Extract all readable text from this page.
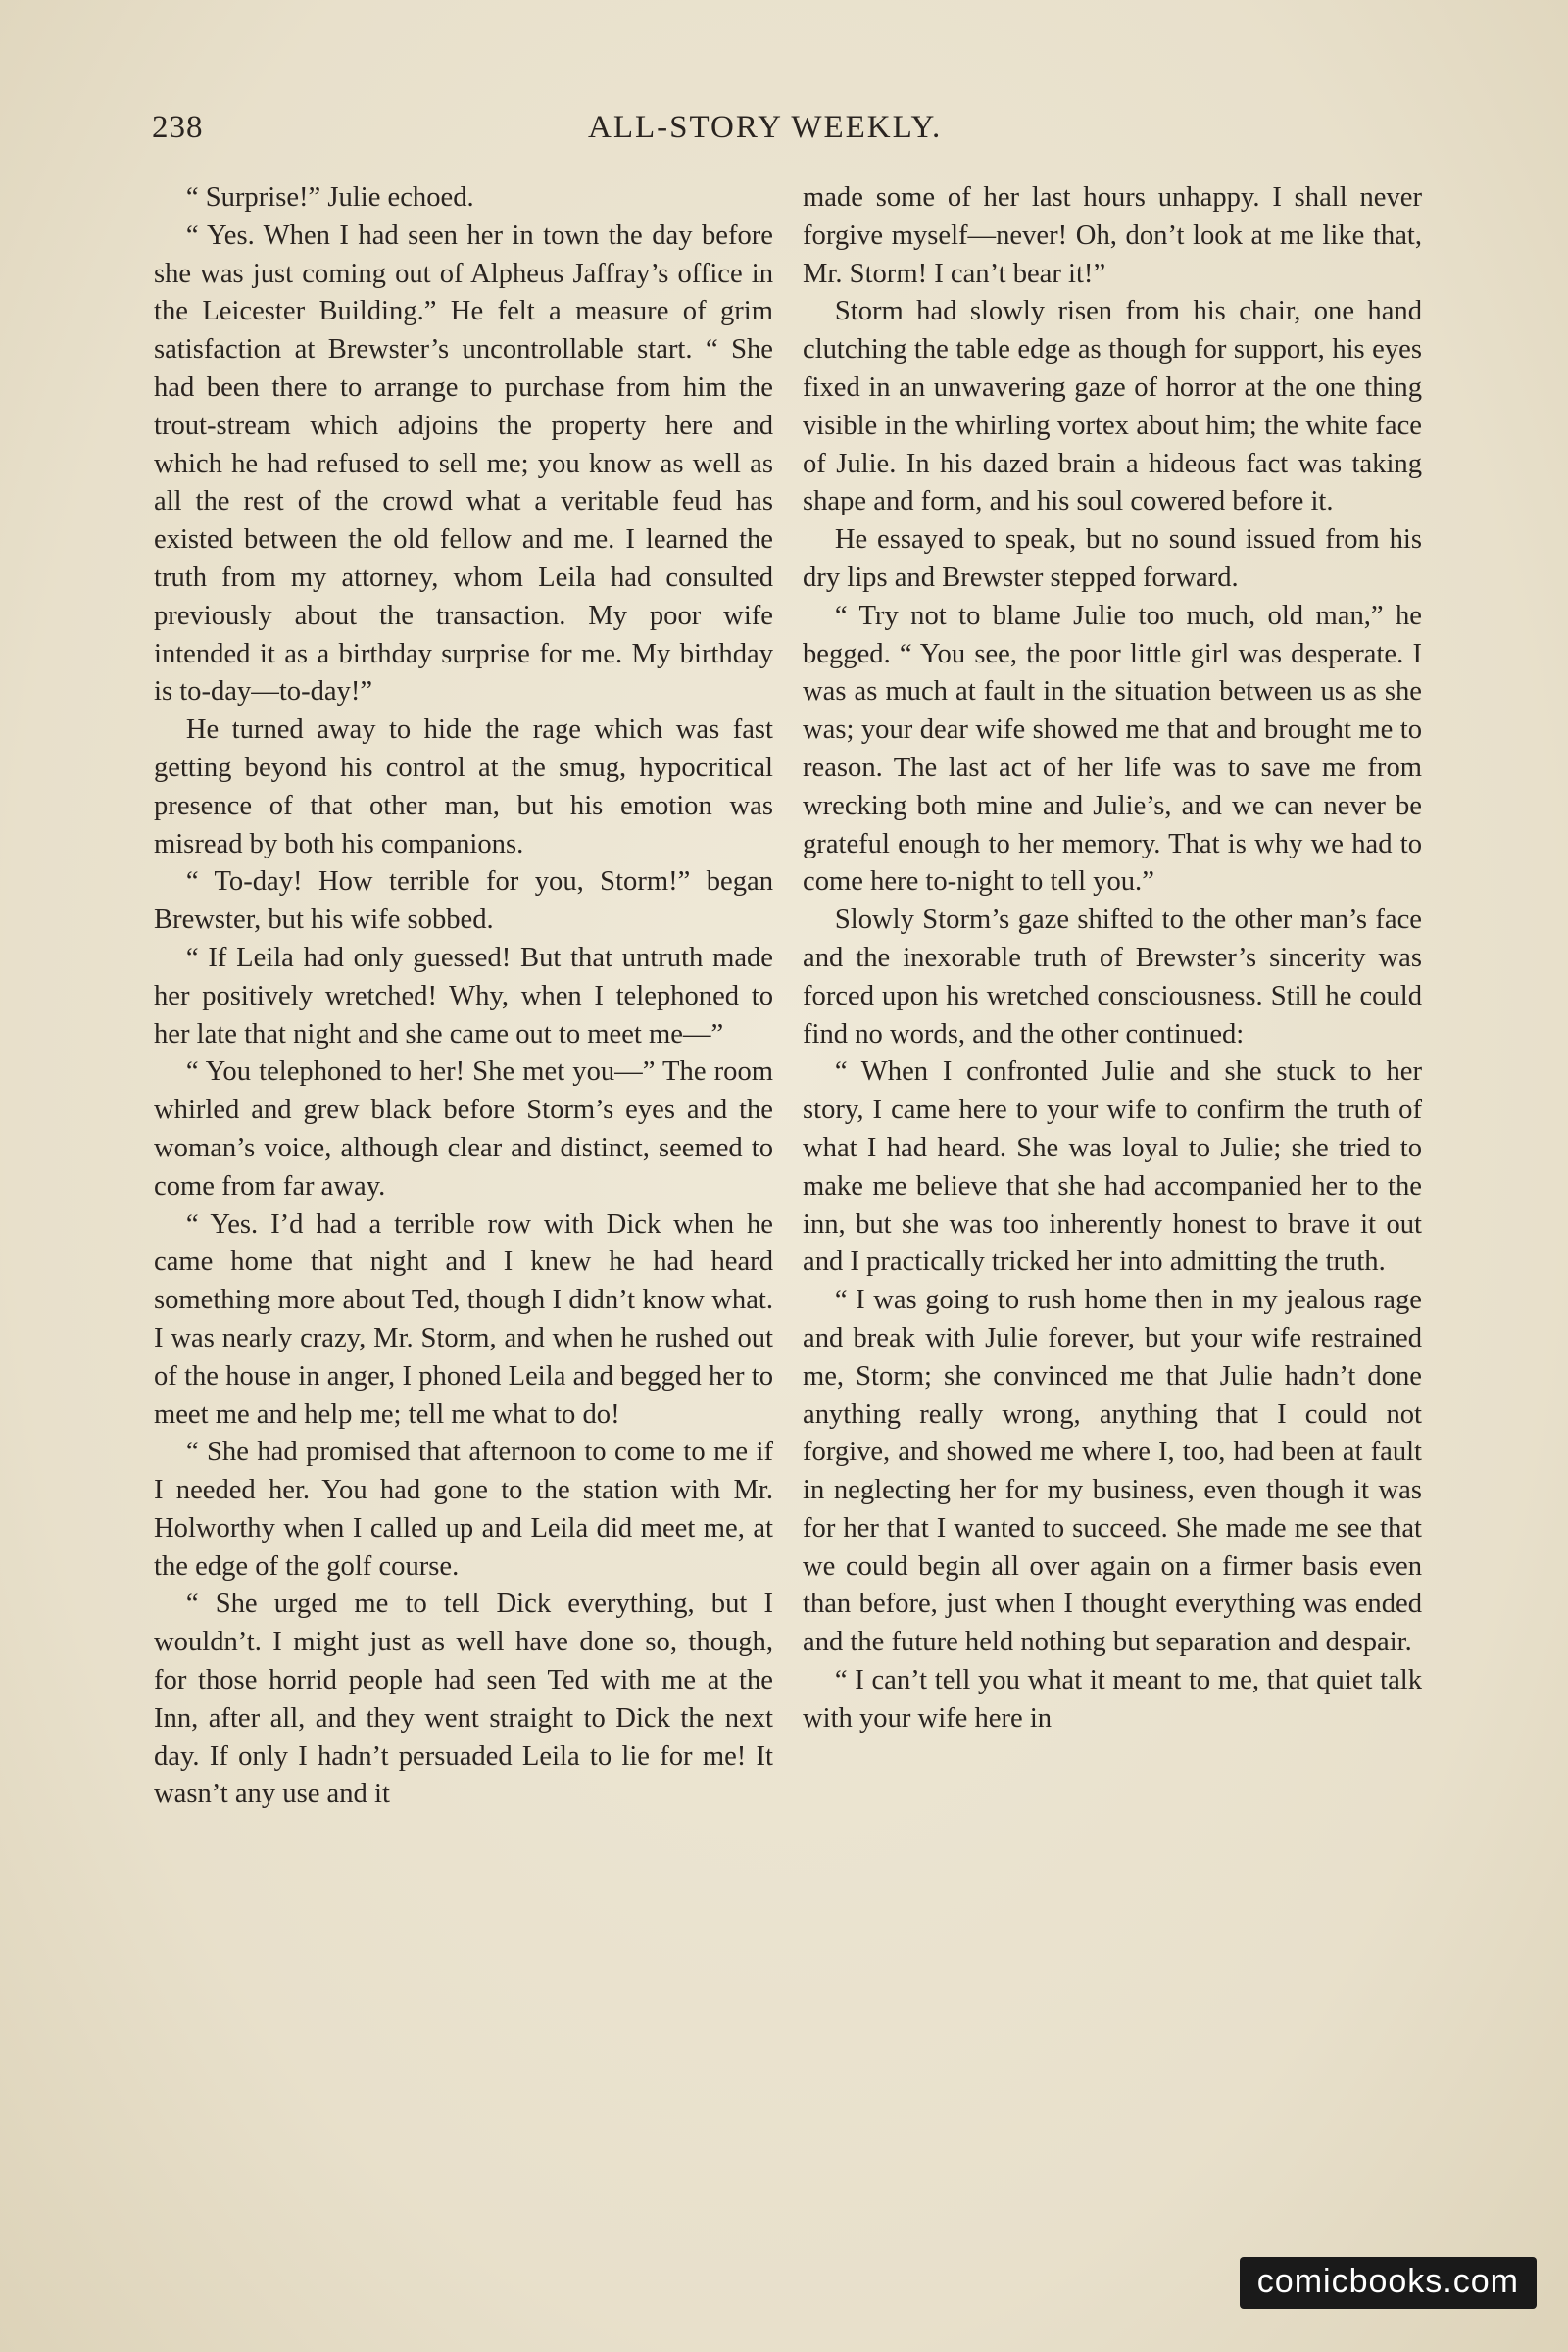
238	ALL-STORY WEEKLY.

“ Surprise!” Julie echoed.

“ Yes. When I had seen her in town the day before she was just coming out of Alpheus Jaffray’s office in the Leicester Building.” He felt a measure of grim satisfaction at Brewster’s uncontrollable start. “ She had been there to arrange to purchase from him the trout-stream which adjoins the property here and which he had refused to sell me; you know as well as all the rest of the crowd what a veritable feud has existed between the old fellow and me. I learned the truth from my attorney, whom Leila had consulted previously about the transaction. My poor wife intended it as a birthday surprise for me. My birthday is to-day—to-day!”

He turned away to hide the rage which was fast getting beyond his control at the smug, hypocritical presence of that other man, but his emotion was misread by both his companions.

“ To-day! How terrible for you, Storm!” began Brewster, but his wife sobbed.

“ If Leila had only guessed! But that untruth made her positively wretched! Why, when I telephoned to her late that night and she came out to meet me—”

“ You telephoned to her! She met you—” The room whirled and grew black before Storm’s eyes and the woman’s voice, although clear and distinct, seemed to come from far away.

“ Yes. I’d had a terrible row with Dick when he came home that night and I knew he had heard something more about Ted, though I didn’t know what. I was nearly crazy, Mr. Storm, and when he rushed out of the house in anger, I phoned Leila and begged her to meet me and help me; tell me what to do!

“ She had promised that afternoon to come to me if I needed her. You had gone to the station with Mr. Holworthy when I called up and Leila did meet me, at the edge of the golf course.

“ She urged me to tell Dick everything, but I wouldn’t. I might just as well have done so, though, for those horrid people had seen Ted with me at the Inn, after all, and they went straight to Dick the next day. If only I hadn’t persuaded Leila to lie for me! It wasn’t any use and it

made some of her last hours unhappy. I shall never forgive myself—never! Oh, don’t look at me like that, Mr. Storm! I can’t bear it!”

Storm had slowly risen from his chair, one hand clutching the table edge as though for support, his eyes fixed in an unwavering gaze of horror at the one thing visible in the whirling vortex about him; the white face of Julie. In his dazed brain a hideous fact was taking shape and form, and his soul cowered before it.

He essayed to speak, but no sound issued from his dry lips and Brewster stepped forward.

“ Try not to blame Julie too much, old man,” he begged. “ You see, the poor little girl was desperate. I was as much at fault in the situation between us as she was; your dear wife showed me that and brought me to reason. The last act of her life was to save me from wrecking both mine and Julie’s, and we can never be grateful enough to her memory. That is why we had to come here to-night to tell you.”

Slowly Storm’s gaze shifted to the other man’s face and the inexorable truth of Brewster’s sincerity was forced upon his wretched consciousness. Still he could find no words, and the other continued:

“ When I confronted Julie and she stuck to her story, I came here to your wife to confirm the truth of what I had heard. She was loyal to Julie; she tried to make me believe that she had accompanied her to the inn, but she was too inherently honest to brave it out and I practically tricked her into admitting the truth.

“ I was going to rush home then in my jealous rage and break with Julie forever, but your wife restrained me, Storm; she convinced me that Julie hadn’t done anything really wrong, anything that I could not forgive, and showed me where I, too, had been at fault in neglecting her for my business, even though it was for her that I wanted to succeed. She made me see that we could begin all over again on a firmer basis even than before, just when I thought everything was ended and the future held nothing but separation and despair.

“ I can’t tell you what it meant to me, that quiet talk with your wife here in

comicbooks.com
